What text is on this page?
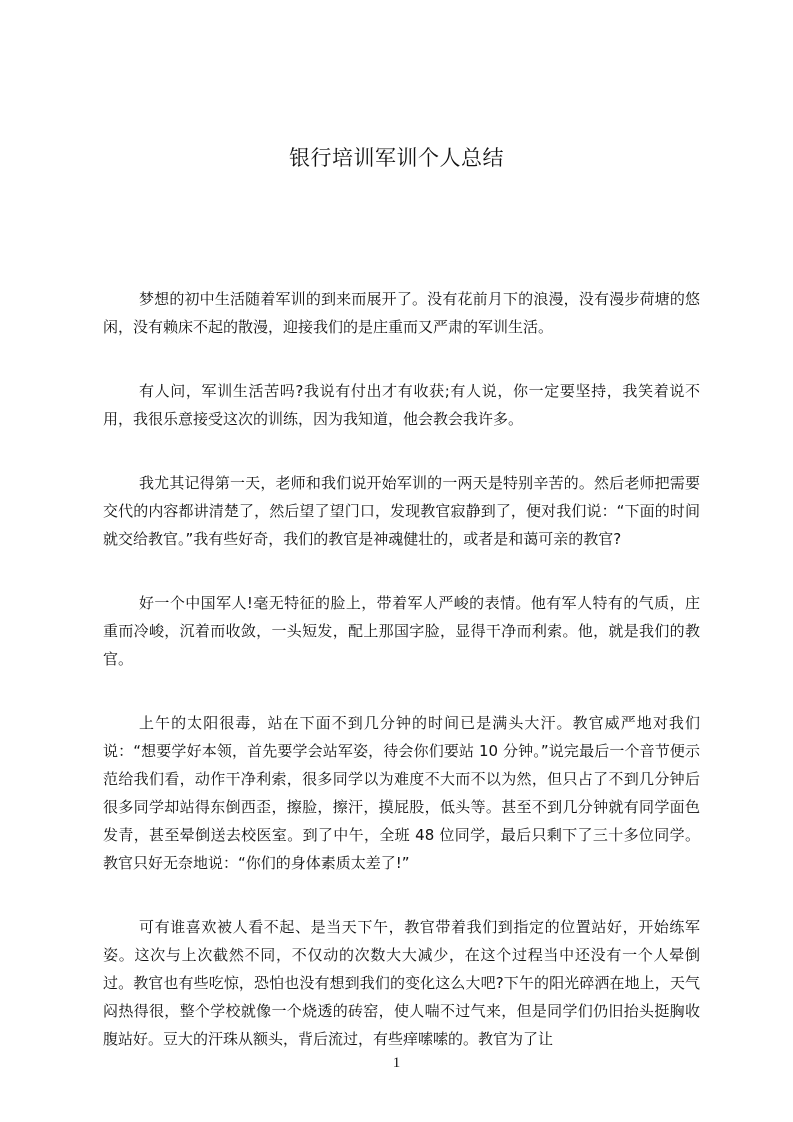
银行培训军训个人总结

梦想的初中生活随着军训的到来而展开了。没有花前月下的浪漫，没有漫步荷塘的悠闲，没有赖床不起的散漫，迎接我们的是庄重而又严肃的军训生活。

有人问，军训生活苦吗?我说有付出才有收获;有人说，你一定要坚持，我笑着说不用，我很乐意接受这次的训练，因为我知道，他会教会我许多。

我尤其记得第一天，老师和我们说开始军训的一两天是特别辛苦的。然后老师把需要交代的内容都讲清楚了，然后望了望门口，发现教官寂静到了，便对我们说：“下面的时间就交给教官。”我有些好奇，我们的教官是神魂健壮的，或者是和蔼可亲的教官?

好一个中国军人!毫无特征的脸上，带着军人严峻的表情。他有军人特有的气质，庄重而冷峻，沉着而收敛，一头短发，配上那国字脸，显得干净而利索。他，就是我们的教官。

上午的太阳很毒，站在下面不到几分钟的时间已是满头大汗。教官威严地对我们说：“想要学好本领，首先要学会站军姿，待会你们要站 10 分钟。”说完最后一个音节便示范给我们看，动作干净利索，很多同学以为难度不大而不以为然，但只占了不到几分钟后很多同学却站得东倒西歪，擦脸，擦汗，摸屁股，低头等。甚至不到几分钟就有同学面色发青，甚至晕倒送去校医室。到了中午，全班 48 位同学，最后只剩下了三十多位同学。教官只好无奈地说：“你们的身体素质太差了!”

可有谁喜欢被人看不起、是当天下午，教官带着我们到指定的位置站好，开始练军姿。这次与上次截然不同，不仅动的次数大大减少，在这个过程当中还没有一个人晕倒过。教官也有些吃惊，恐怕也没有想到我们的变化这么大吧?下午的阳光碎洒在地上，天气闷热得很，整个学校就像一个烧透的砖窑，使人喘不过气来，但是同学们仍旧抬头挺胸收腹站好。豆大的汗珠从额头，背后流过，有些痒嗦嗦的。教官为了让

1
